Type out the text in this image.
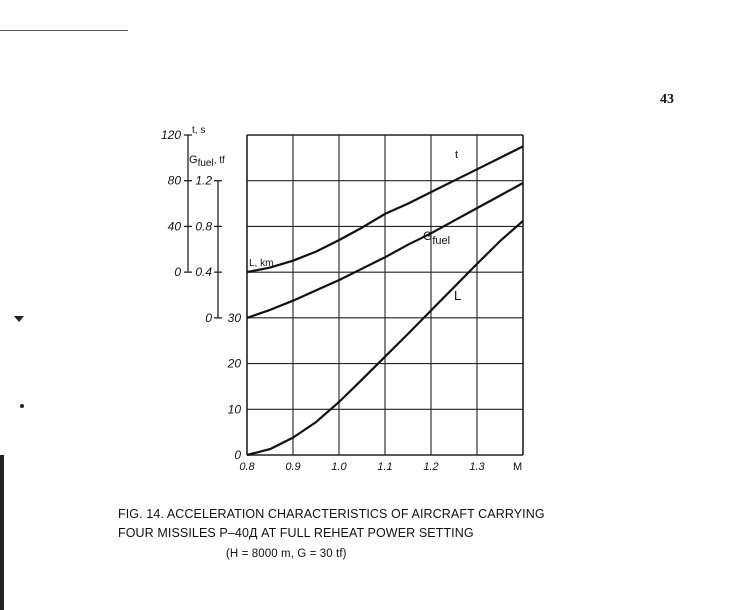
43
0.8	0.9	1.0	1.1	1.2	1.3	M
120
80
40
0
t, s
1.2
0.8
0.4
0
Gfuel, tf
30
20
10
0
L, km
t
Gfuel
L
FIG. 14. ACCELERATION CHARACTERISTICS OF AIRCRAFT CARRYING
FOUR MISSILES P–40Д AT FULL REHEAT POWER SETTING
(H = 8000 m, G = 30 tf)
